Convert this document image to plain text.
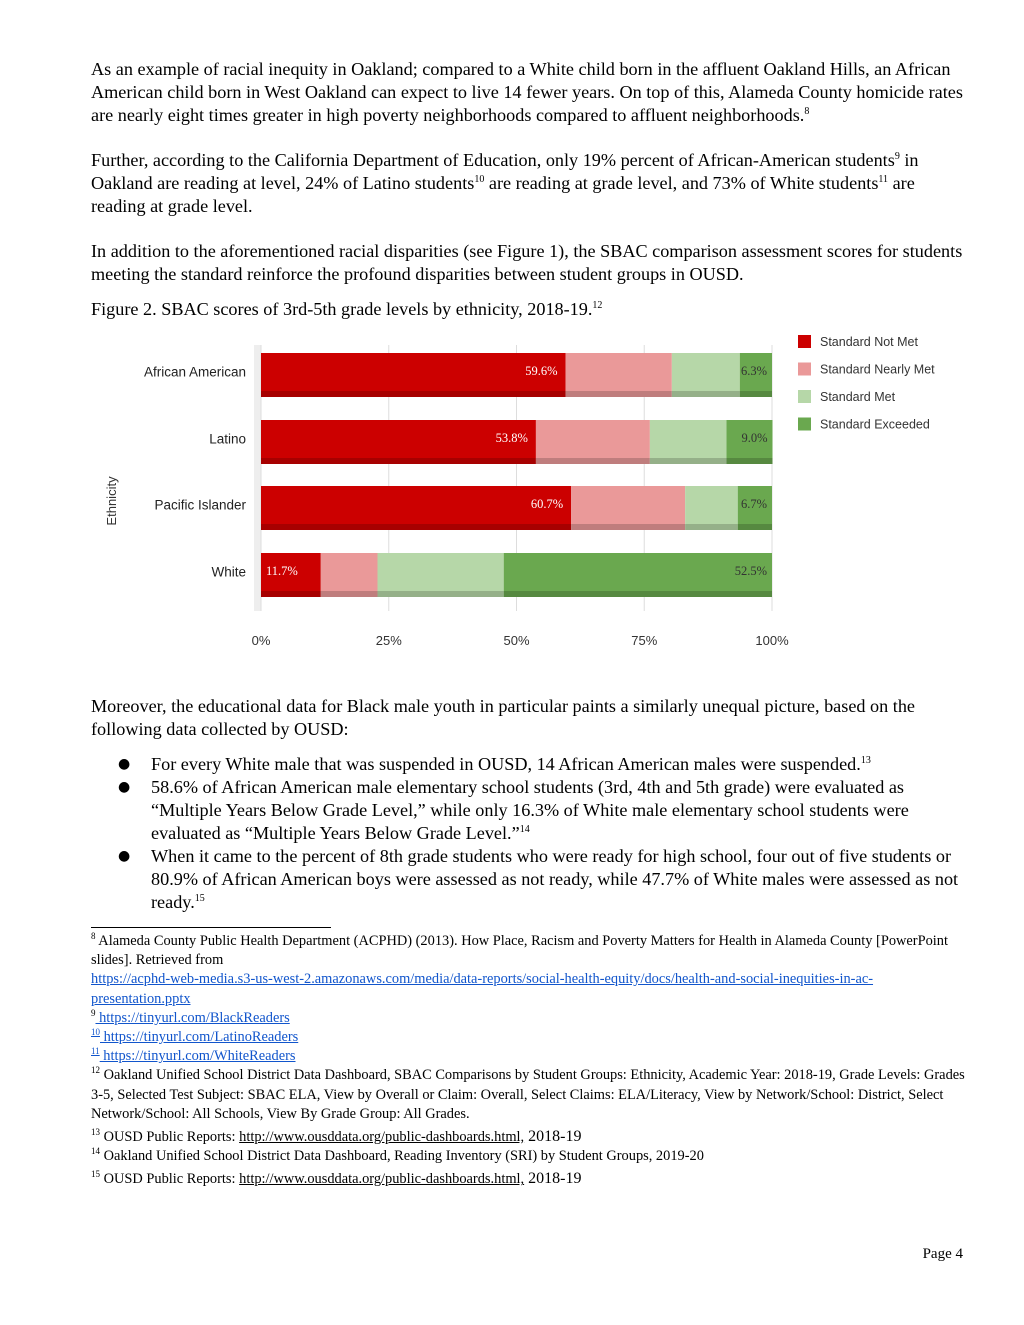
As an example of racial inequity in Oakland; compared to a White child born in the affluent Oakland Hills, an African American child born in West Oakland can expect to live 14 fewer years. On top of this, Alameda County homicide rates are nearly eight times greater in high poverty neighborhoods compared to affluent neighborhoods.$^8$

Further, according to the California Department of Education, only 19% percent of African-American students$^9$ in Oakland are reading at level, 24% of Latino students$^{10}$ are reading at grade level, and 73% of White students$^{11}$ are reading at grade level.

In addition to the aforementioned racial disparities (see Figure 1), the SBAC comparison assessment scores for students meeting the standard reinforce the profound disparities between student groups in OUSD.

Figure 2. SBAC scores of 3rd-5th grade levels by ethnicity, 2018-19.12

59.6%	6.3%
53.8%	9.0%
60.7%	6.7%
11.7%	52.5%
African American
Latino
Pacific Islander
White
0%	25%	50%	75%	100%
Standard Not Met
Standard Nearly Met
Standard Met
Standard Exceeded
Ethnicity

Moreover, the educational data for Black male youth in particular paints a similarly unequal picture, based on the following data collected by OUSD:

● For every White male that was suspended in OUSD, 14 African American males were suspended.$^{13}$
● 58.6% of African American male elementary school students (3rd, 4th and 5th grade) were evaluated as “Multiple Years Below Grade Level,” while only 16.3% of White male elementary school students were evaluated as “Multiple Years Below Grade Level.”$^{14}$
● When it came to the percent of 8th grade students who were ready for high school, four out of five students or 80.9% of African American boys were assessed as not ready, while 47.7% of White males were assessed as not ready.$^{15}$

$^8$ Alameda County Public Health Department (ACPHD) (2013). How Place, Racism and Poverty Matters for Health in Alameda County [PowerPoint slides]. Retrieved from
https://acphd-web-media.s3-us-west-2.amazonaws.com/media/data-reports/social-health-equity/docs/health-and-social-inequities-in-ac-presentation.pptx

$^9$ https://tinyurl.com/BlackReaders

$^{10}$ https://tinyurl.com/LatinoReaders

$^{11}$ https://tinyurl.com/WhiteReaders

$^{12}$ Oakland Unified School District Data Dashboard, SBAC Comparisons by Student Groups: Ethnicity, Academic Year: 2018-19, Grade Levels: Grades 3-5, Selected Test Subject: SBAC ELA, View by Overall or Claim: Overall, Select Claims: ELA/Literacy, View by Network/School: District, Select Network/School: All Schools, View By Grade Group: All Grades.

$^{13}$ OUSD Public Reports: http://www.ousddata.org/public-dashboards.html, 2018-19

$^{14}$ Oakland Unified School District Data Dashboard, Reading Inventory (SRI) by Student Groups, 2019-20

$^{15}$ OUSD Public Reports: http://www.ousddata.org/public-dashboards.html, 2018-19

Page 4
